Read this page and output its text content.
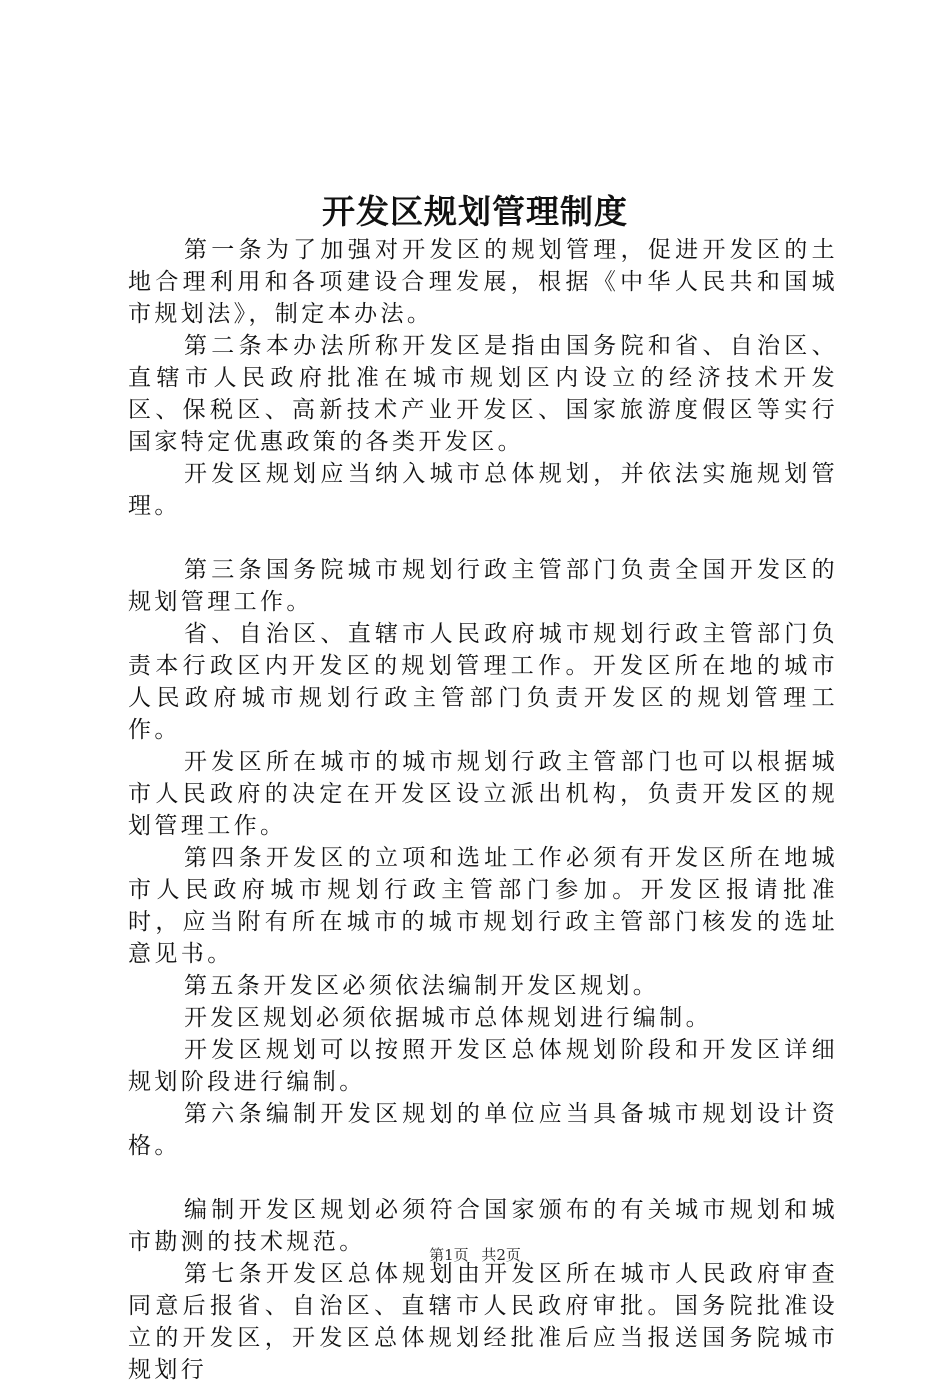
开发区规划管理制度

第一条为了加强对开发区的规划管理，促进开发区的土地合理利用和各项建设合理发展，根据《中华人民共和国城市规划法》，制定本办法。

第二条本办法所称开发区是指由国务院和省、自治区、直辖市人民政府批准在城市规划区内设立的经济技术开发区、保税区、高新技术产业开发区、国家旅游度假区等实行国家特定优惠政策的各类开发区。

开发区规划应当纳入城市总体规划，并依法实施规划管理。

第三条国务院城市规划行政主管部门负责全国开发区的规划管理工作。

省、自治区、直辖市人民政府城市规划行政主管部门负责本行政区内开发区的规划管理工作。开发区所在地的城市人民政府城市规划行政主管部门负责开发区的规划管理工作。

开发区所在城市的城市规划行政主管部门也可以根据城市人民政府的决定在开发区设立派出机构，负责开发区的规划管理工作。

第四条开发区的立项和选址工作必须有开发区所在地城市人民政府城市规划行政主管部门参加。开发区报请批准时，应当附有所在城市的城市规划行政主管部门核发的选址意见书。

第五条开发区必须依法编制开发区规划。

开发区规划必须依据城市总体规划进行编制。

开发区规划可以按照开发区总体规划阶段和开发区详细规划阶段进行编制。

第六条编制开发区规划的单位应当具备城市规划设计资格。

编制开发区规划必须符合国家颁布的有关城市规划和城市勘测的技术规范。

第七条开发区总体规划由开发区所在城市人民政府审查同意后报省、自治区、直辖市人民政府审批。国务院批准设立的开发区，开发区总体规划经批准后应当报送国务院城市规划行

第1页 共2页
